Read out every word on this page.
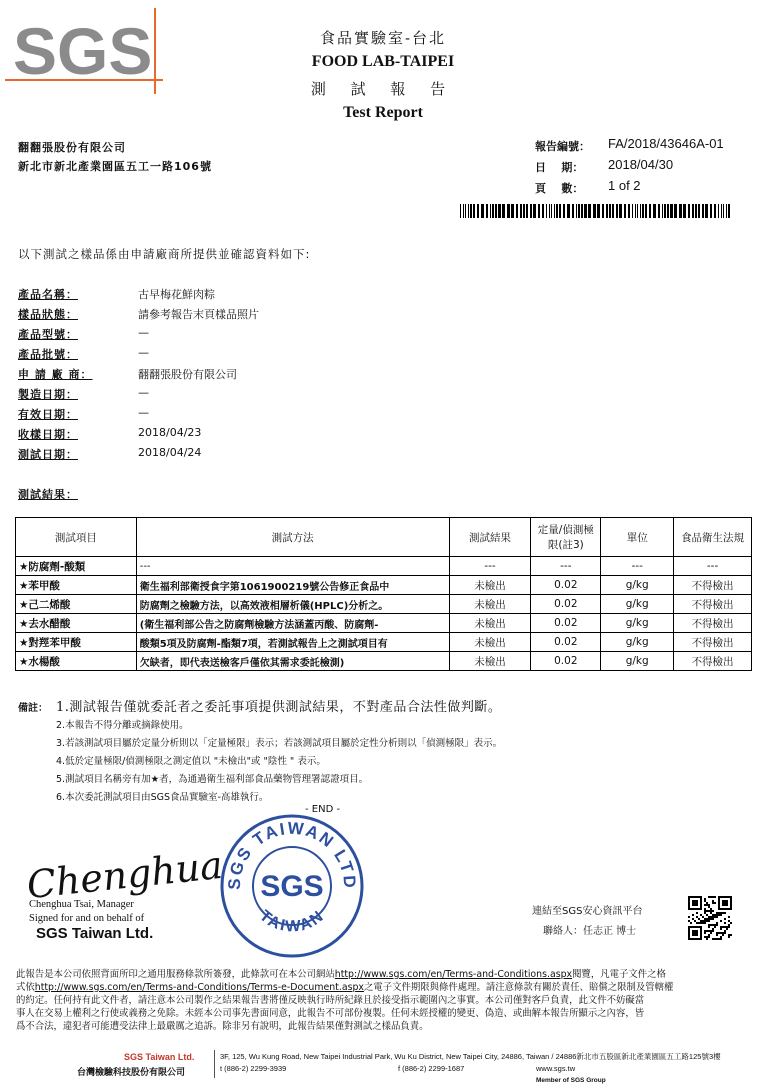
SGS	食品實驗室-台北
FOOD LAB-TAIPEI
測 試 報 告
Test Report
翻翻張股份有限公司
新北市新北產業園區五工一路106號
報告編號： FA/2018/43646A-01
日    期： 2018/04/30
頁    數： 1 of 2
以下測試之樣品係由申請廠商所提供並確認資料如下:
產品名稱：	古早梅花鮮肉粽
樣品狀態：	請參考報告末頁樣品照片
產品型號：	—
產品批號：	—
申 請 廠 商：	翻翻張股份有限公司
製造日期：	—
有效日期：	—
收樣日期：	2018/04/23
測試日期：	2018/04/24
測試結果：
測試項目	測試方法	測試結果	定量/偵測極限(註3)	單位	食品衛生法規
★防腐劑-酸類	---	---	---	---	---
★苯甲酸	衛生福利部衛授食字第1061900219號公告修正食品中	未檢出	0.02	g/kg	不得檢出
★己二烯酸	防腐劑之檢驗方法，以高效液相層析儀(HPLC)分析之。	未檢出	0.02	g/kg	不得檢出
★去水醋酸	(衛生福利部公告之防腐劑檢驗方法涵蓋丙酸、防腐劑-	未檢出	0.02	g/kg	不得檢出
★對羥苯甲酸	酸類5項及防腐劑-酯類7項，若測試報告上之測試項目有	未檢出	0.02	g/kg	不得檢出
★水楊酸	欠缺者，即代表送檢客戶僅依其需求委託檢測)	未檢出	0.02	g/kg	不得檢出
備註： 1.測試報告僅就委託者之委託事項提供測試結果，不對產品合法性做判斷。
2.本報告不得分離或摘錄使用。
3.若該測試項目屬於定量分析則以「定量極限」表示；若該測試項目屬於定性分析則以「偵測極限」表示。
4.低於定量極限/偵測極限之測定值以 "未檢出"或 "陰性 " 表示。
5.測試項目名稱旁有加★者，為通過衛生福利部食品藥物管理署認證項目。
6.本次委託測試項目由SGS食品實驗室-高雄執行。
- END -
Chenghua
Chenghua Tsai, Manager
Signed for and on behalf of
SGS Taiwan Ltd.
SGS TAIWAN LTD
SGS
TAIWAN	連結至SGS安心資訊平台
聯絡人：任志正 博士
此報告是本公司依照背面所印之通用服務條款所簽發，此條款可在本公司網站http://www.sgs.com/en/Terms-and-Conditions.aspx閱覽，凡電子文件之格
式依http://www.sgs.com/en/Terms-and-Conditions/Terms-e-Document.aspx之電子文件期限與條件處理。請注意條款有關於責任、賠償之限制及管轄權
的約定。任何持有此文件者，請注意本公司製作之結果報告書將僅反映執行時所紀錄且於接受指示範圍內之事實。本公司僅對客戶負責，此文件不妨礙當
事人在交易上權利之行使或義務之免除。未經本公司事先書面同意，此報告不可部份複製。任何未經授權的變更、偽造、或曲解本報告所顯示之內容，皆
爲不合法，違犯者可能遭受法律上最嚴厲之追訴。除非另有說明，此報告結果僅對測試之樣品負責。
SGS Taiwan Ltd.
台灣檢驗科技股份有限公司
3F, 125, Wu Kung Road, New Taipei Industrial Park, Wu Ku District, New Taipei City, 24886, Taiwan / 24886新北市五股區新北產業園區五工路125號3樓
t (886-2) 2299-3939	f (886-2) 2299-1687	www.sgs.tw
Member of SGS Group
